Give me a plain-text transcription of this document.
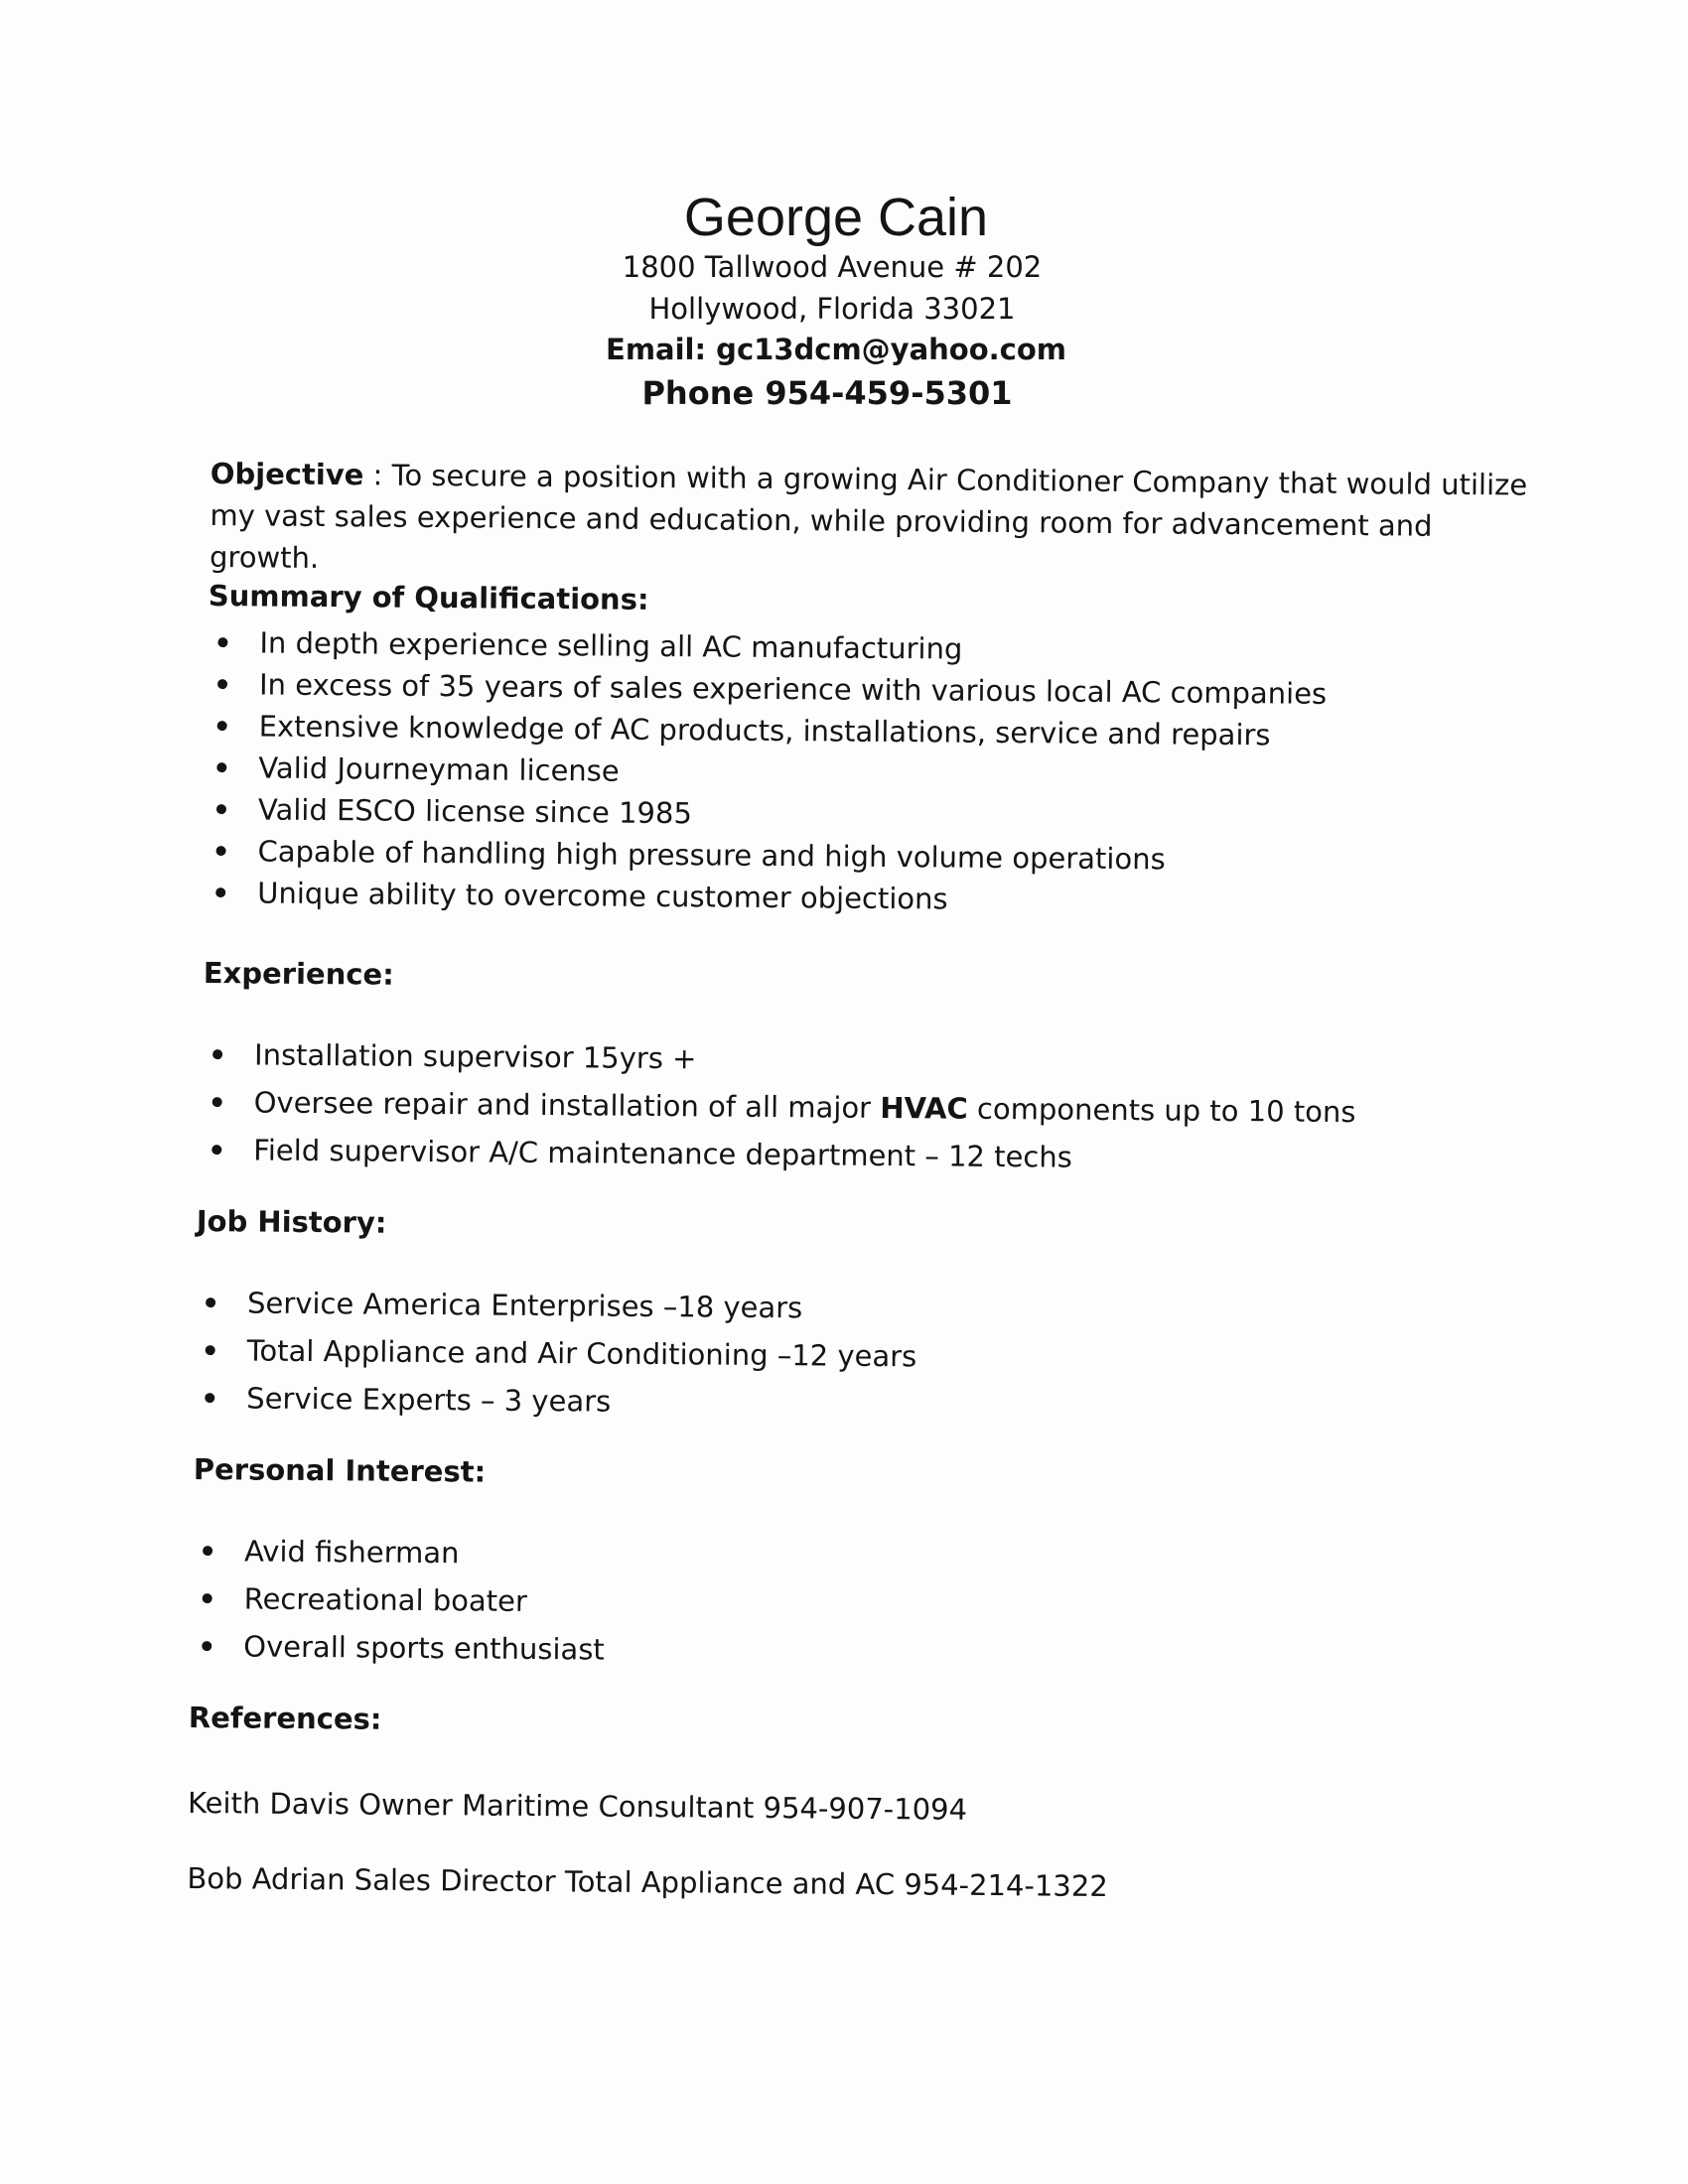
George Cain
1800 Tallwood Avenue # 202
Hollywood, Florida 33021
Email: gc13dcm@yahoo.com
Phone 954-459-5301
Objective : To secure a position with a growing Air Conditioner Company that would utilize my vast sales experience and education, while providing room for advancement and growth.
Summary of Qualifications:
In depth experience selling all AC manufacturing
In excess of 35 years of sales experience with various local AC companies
Extensive knowledge of AC products, installations, service and repairs
Valid Journeyman license
Valid ESCO license since 1985
Capable of handling high pressure and high volume operations
Unique ability to overcome customer objections
Experience:
Installation supervisor 15yrs +
Oversee repair and installation of all major HVAC components up to 10 tons
Field supervisor A/C maintenance department – 12 techs
Job History:
Service America Enterprises –18 years
Total Appliance and Air Conditioning –12 years
Service Experts – 3 years
Personal Interest:
Avid fisherman
Recreational boater
Overall sports enthusiast
References:
Keith Davis Owner Maritime Consultant 954-907-1094
Bob Adrian Sales Director Total Appliance and AC 954-214-1322
